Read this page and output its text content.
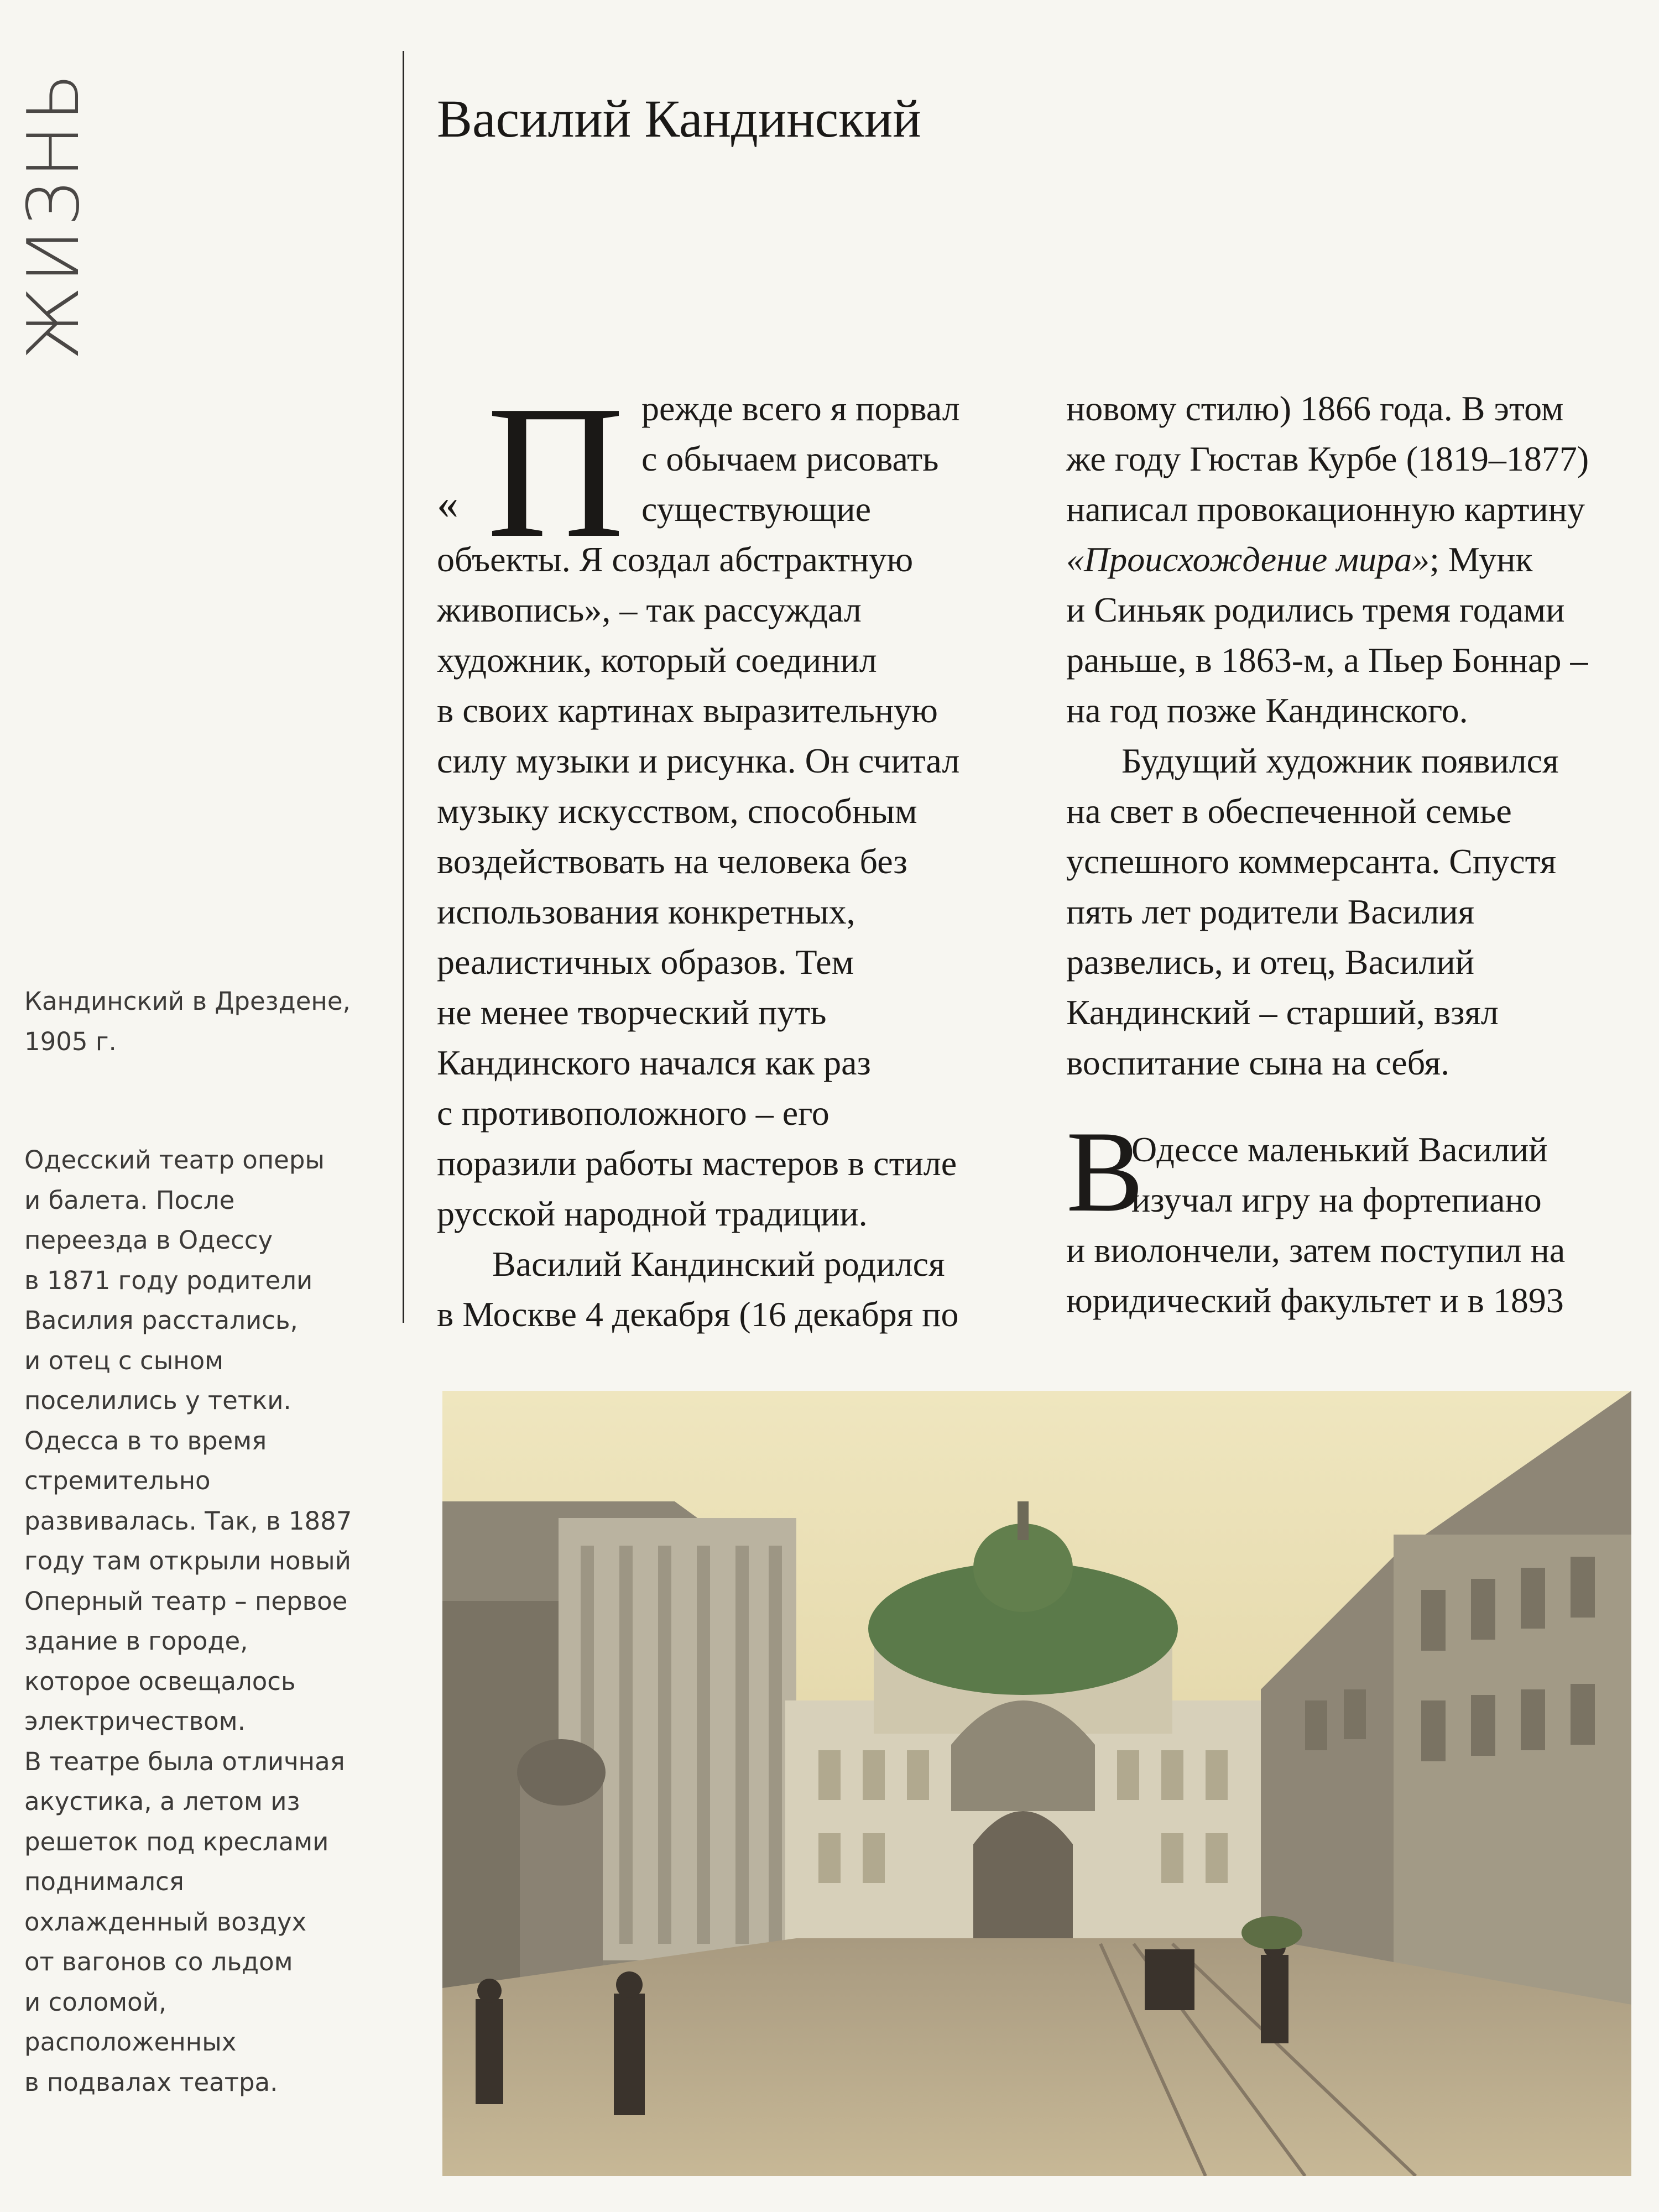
ЖИЗНЬ

Кандинский в Дрездене,
1905 г.

Одесский театр оперы
и балета. После
переезда в Одессу
в 1871 году родители
Василия расстались,
и отец с сыном
поселились у тетки.
Одесса в то время
стремительно
развивалась. Так, в 1887
году там открыли новый
Оперный театр – первое
здание в городе,
которое освещалось
электричеством.
В театре была отличная
акустика, а летом из
решеток под креслами
поднимался
охлажденный воздух
от вагонов со льдом
и соломой,
расположенных
в подвалах театра.

Василий Кандинский
« П режде всего я порвал
с обычаем рисовать
существующие
объекты. Я создал абстрактную
живопись», – так рассуждал
художник, который соединил
в своих картинах выразительную
силу музыки и рисунка. Он считал
музыку искусством, способным
воздействовать на человека без
использования конкретных,
реалистичных образов. Тем
не менее творческий путь
Кандинского начался как раз
с противоположного – его
поразили работы мастеров в стиле
русской народной традиции.
Василий Кандинский родился
в Москве 4 декабря (16 декабря по
новому стилю) 1866 года. В этом
же году Гюстав Курбе (1819–1877)
написал провокационную картину
«Происхождение мира»; Мунк
и Синьяк родились тремя годами
раньше, в 1863-м, а Пьер Боннар –
на год позже Кандинского.
Будущий художник появился
на свет в обеспеченной семье
успешного коммерсанта. Спустя
пять лет родители Василия
развелись, и отец, Василий
Кандинский – старший, взял
воспитание сына на себя.
В
Одессе маленький Василий
изучал игру на фортепиано
и виолончели, затем поступил на
юридический факультет и в 1893
